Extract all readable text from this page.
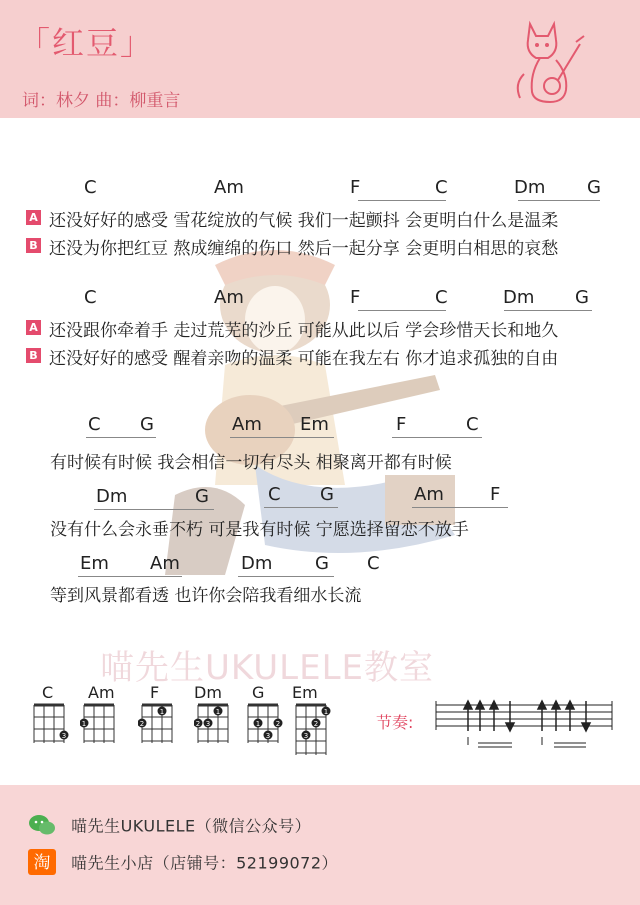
「红豆」
词：林夕 曲：柳重言
喵先生UKULELE教室
C	Am	F	C	Dm G
A 还没好好的感受 雪花绽放的气候 我们一起颤抖 会更明白什么是温柔
B 还没为你把红豆 熬成缠绵的伤口 然后一起分享 会更明白相思的哀愁
C	Am	F	C	Dm G
A 还没跟你牵着手 走过荒芜的沙丘 可能从此以后 学会珍惜天长和地久
B 还没好好的感受 醒着亲吻的温柔 可能在我左右 你才追求孤独的自由
C G	Am Em	F	C
有时候有时候 我会相信一切有尽头 相聚离开都有时候
Dm	G	C G	Am	F
没有什么会永垂不朽 可是我有时候 宁愿选择留恋不放手
Em Am	Dm G C
等到风景都看透 也许你会陪我看细水长流
C
3
Am
1
F
1
2
Dm
1
2 3
G
1 2
3
Em
1
2
3
节奏:
喵先生UKULELE（微信公众号）
淘 喵先生小店（店铺号：52199072）
